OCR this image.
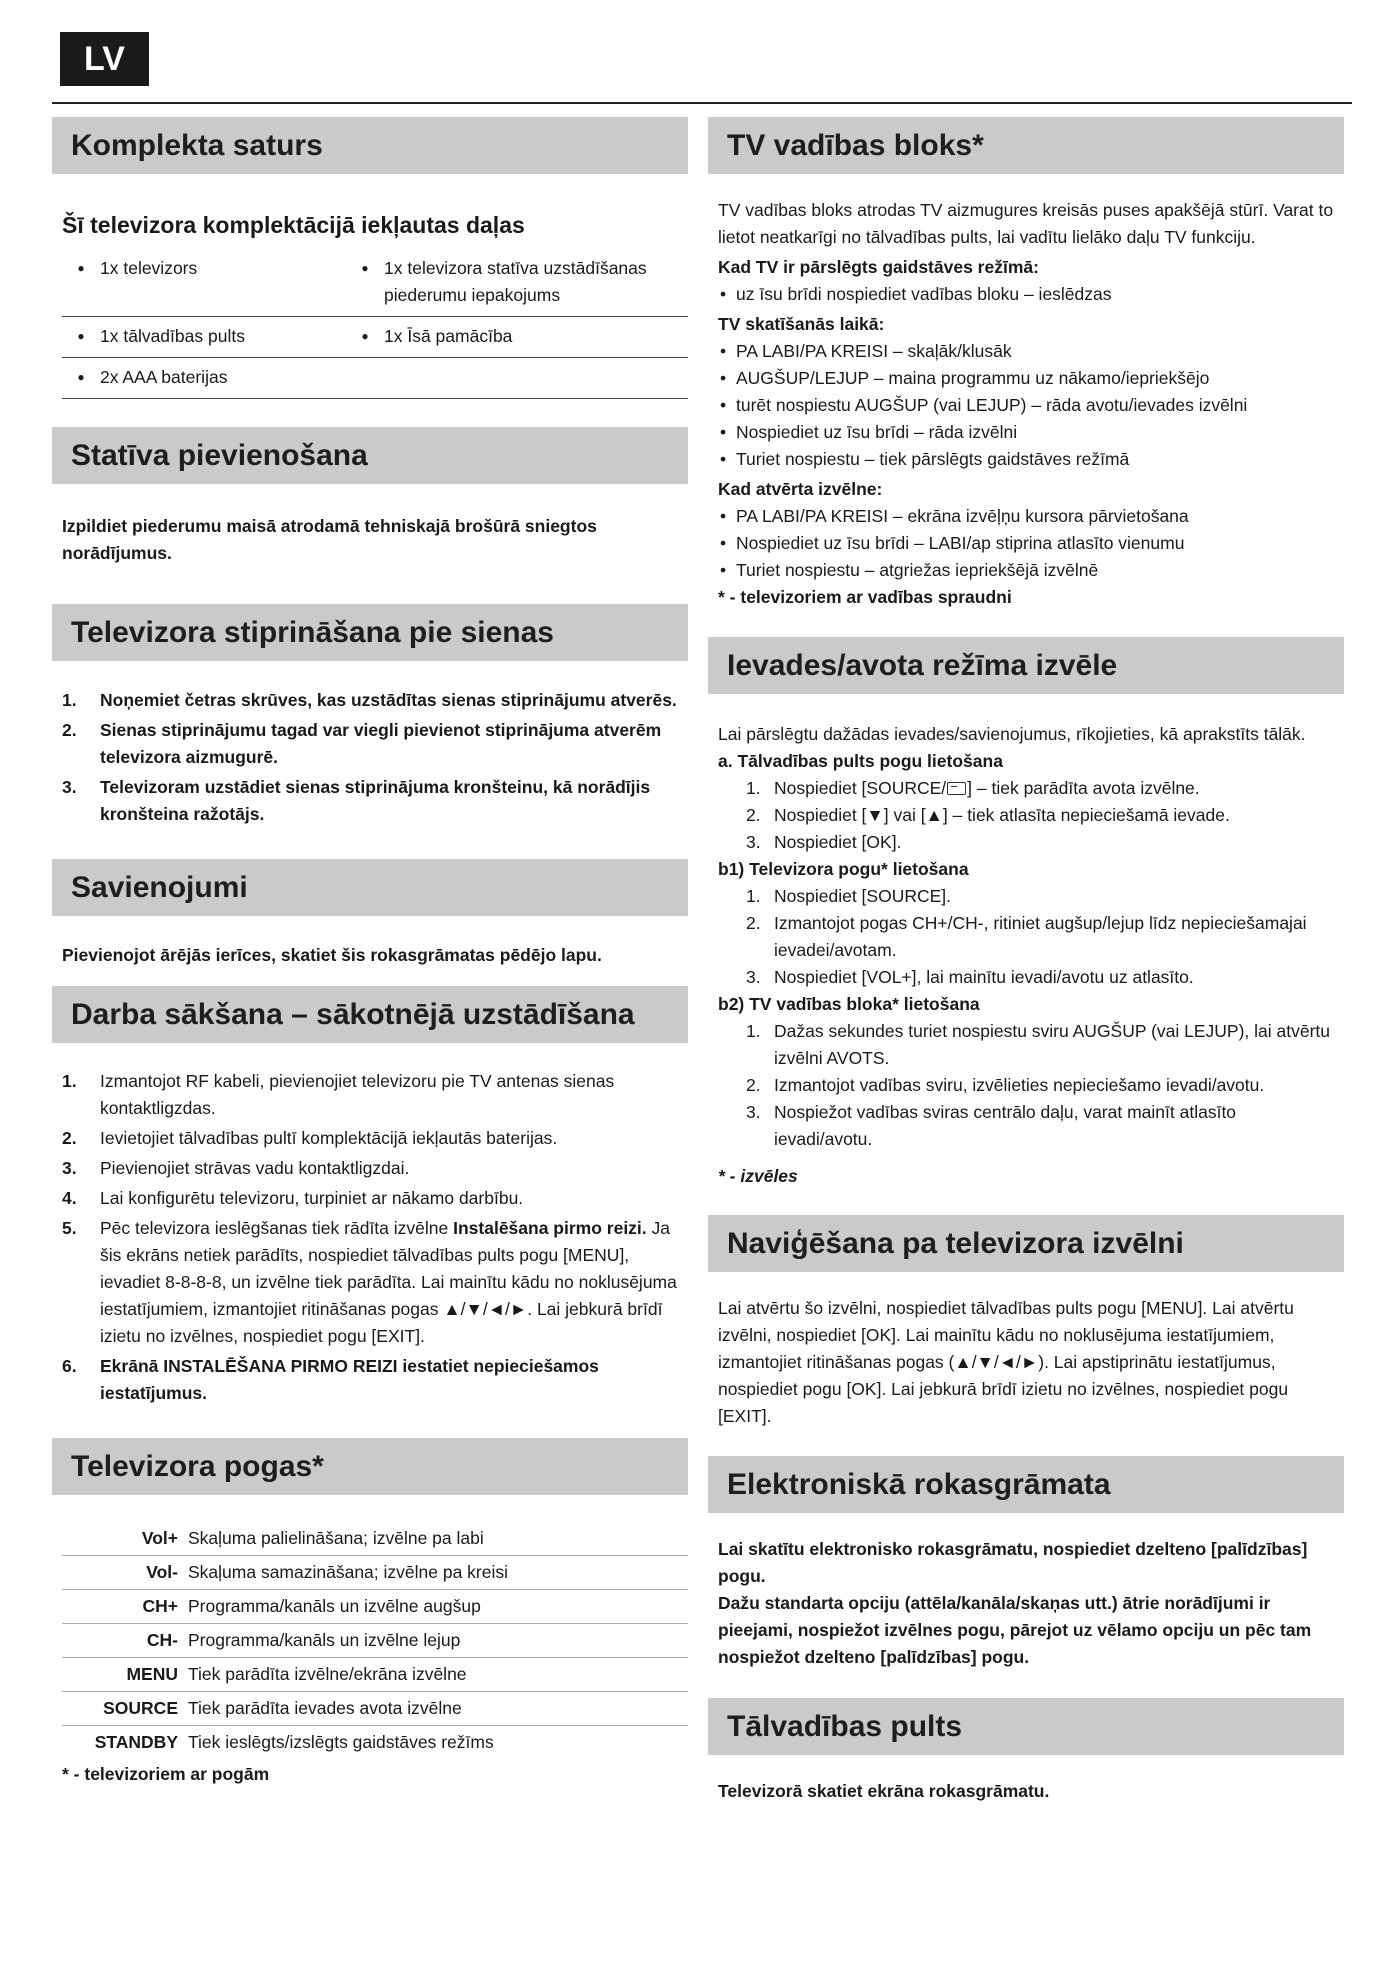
LV
Komplekta saturs
Šī televizora komplektācijā iekļautas daļas
●	1x televizors	●	1x televizora statīva uzstādīšanas piederumu iepakojums
●	1x tālvadības pults	●	1x Īsā pamācība
●	2x AAA baterijas		
Statīva pievienošana
Izpildiet piederumu maisā atrodamā tehniskajā brošūrā sniegtos norādījumus.
Televizora stiprināšana pie sienas
1. Noņemiet četras skrūves, kas uzstādītas sienas stiprinājumu atverēs.
2. Sienas stiprinājumu tagad var viegli pievienot stiprinājuma atverēm televizora aizmugurē.
3. Televizoram uzstādiet sienas stiprinājuma kronšteinu, kā norādījis kronšteina ražotājs.
Savienojumi
Pievienojot ārējās ierīces, skatiet šis rokasgrāmatas pēdējo lapu.
Darba sākšana – sākotnējā uzstādīšana
1. Izmantojot RF kabeli, pievienojiet televizoru pie TV antenas sienas kontaktligzdas.
2. Ievietojiet tālvadības pultī komplektācijā iekļautās baterijas.
3. Pievienojiet strāvas vadu kontaktligzdai.
4. Lai konfigurētu televizoru, turpiniet ar nākamo darbību.
5. Pēc televizora ieslēgšanas tiek rādīta izvēlne Instalēšana pirmo reizi. Ja šis ekrāns netiek parādīts, nospiediet tālvadības pults pogu [MENU], ievadiet 8-8-8-8, un izvēlne tiek parādīta. Lai mainītu kādu no noklusējuma iestatījumiem, izmantojiet ritināšanas pogas ▲/▼/◄/►. Lai jebkurā brīdī izietu no izvēlnes, nospiediet pogu [EXIT].
6. Ekrānā INSTALĒŠANA PIRMO REIZI iestatiet nepieciešamos iestatījumus.
Televizora pogas*
Vol+	Skaļuma palielināšana; izvēlne pa labi
Vol-	Skaļuma samazināšana; izvēlne pa kreisi
CH+	Programma/kanāls un izvēlne augšup
CH-	Programma/kanāls un izvēlne lejup
MENU	Tiek parādīta izvēlne/ekrāna izvēlne
SOURCE	Tiek parādīta ievades avota izvēlne
STANDBY	Tiek ieslēgts/izslēgts gaidstāves režīms
* - televizoriem ar pogām
TV vadības bloks*
TV vadības bloks atrodas TV aizmugures kreisās puses apakšējā stūrī. Varat to lietot neatkarīgi no tālvadības pults, lai vadītu lielāko daļu TV funkciju.
Kad TV ir pārslēgts gaidstāves režīmā:
• uz īsu brīdi nospiediet vadības bloku – ieslēdzas
TV skatīšanās laikā:
• PA LABI/PA KREISI – skaļāk/klusāk
• AUGŠUP/LEJUP – maina programmu uz nākamo/iepriekšējo
• turēt nospiestu AUGŠUP (vai LEJUP) – rāda avotu/ievades izvēlni
• Nospiediet uz īsu brīdi – rāda izvēlni
• Turiet nospiestu – tiek pārslēgts gaidstāves režīmā
Kad atvērta izvēlne:
• PA LABI/PA KREISI – ekrāna izvēļņu kursora pārvietošana
• Nospiediet uz īsu brīdi – LABI/ap stiprina atlasīto vienumu
• Turiet nospiestu – atgriežas iepriekšējā izvēlnē
* - televizoriem ar vadības spraudni
Ievades/avota režīma izvēle
Lai pārslēgtu dažādas ievades/savienojumus, rīkojieties, kā aprakstīts tālāk.
a. Tālvadības pults pogu lietošana
1. Nospiediet [SOURCE/ ] – tiek parādīta avota izvēlne.
2. Nospiediet [▼] vai [▲] – tiek atlasīta nepieciešamā ievade.
3. Nospiediet [OK].
b1) Televizora pogu* lietošana
1. Nospiediet [SOURCE].
2. Izmantojot pogas CH+/CH-, ritiniet augšup/lejup līdz nepieciešamajai ievadei/avotam.
3. Nospiediet [VOL+], lai mainītu ievadi/avotu uz atlasīto.
b2) TV vadības bloka* lietošana
1. Dažas sekundes turiet nospiestu sviru AUGŠUP (vai LEJUP), lai atvērtu izvēlni AVOTS.
2. Izmantojot vadības sviru, izvēlieties nepieciešamo ievadi/avotu.
3. Nospiežot vadības sviras centrālo daļu, varat mainīt atlasīto ievadi/avotu.
* - izvēles
Naviģēšana pa televizora izvēlni
Lai atvērtu šo izvēlni, nospiediet tālvadības pults pogu [MENU]. Lai atvērtu izvēlni, nospiediet [OK]. Lai mainītu kādu no noklusējuma iestatījumiem, izmantojiet ritināšanas pogas (▲/▼/◄/►). Lai apstiprinātu iestatījumus, nospiediet pogu [OK]. Lai jebkurā brīdī izietu no izvēlnes, nospiediet pogu [EXIT].
Elektroniskā rokasgrāmata
Lai skatītu elektronisko rokasgrāmatu, nospiediet dzelteno [palīdzības] pogu.
Dažu standarta opciju (attēla/kanāla/skaņas utt.) ātrie norādījumi ir pieejami, nospiežot izvēlnes pogu, pārejot uz vēlamo opciju un pēc tam nospiežot dzelteno [palīdzības] pogu.
Tālvadības pults
Televizorā skatiet ekrāna rokasgrāmatu.
